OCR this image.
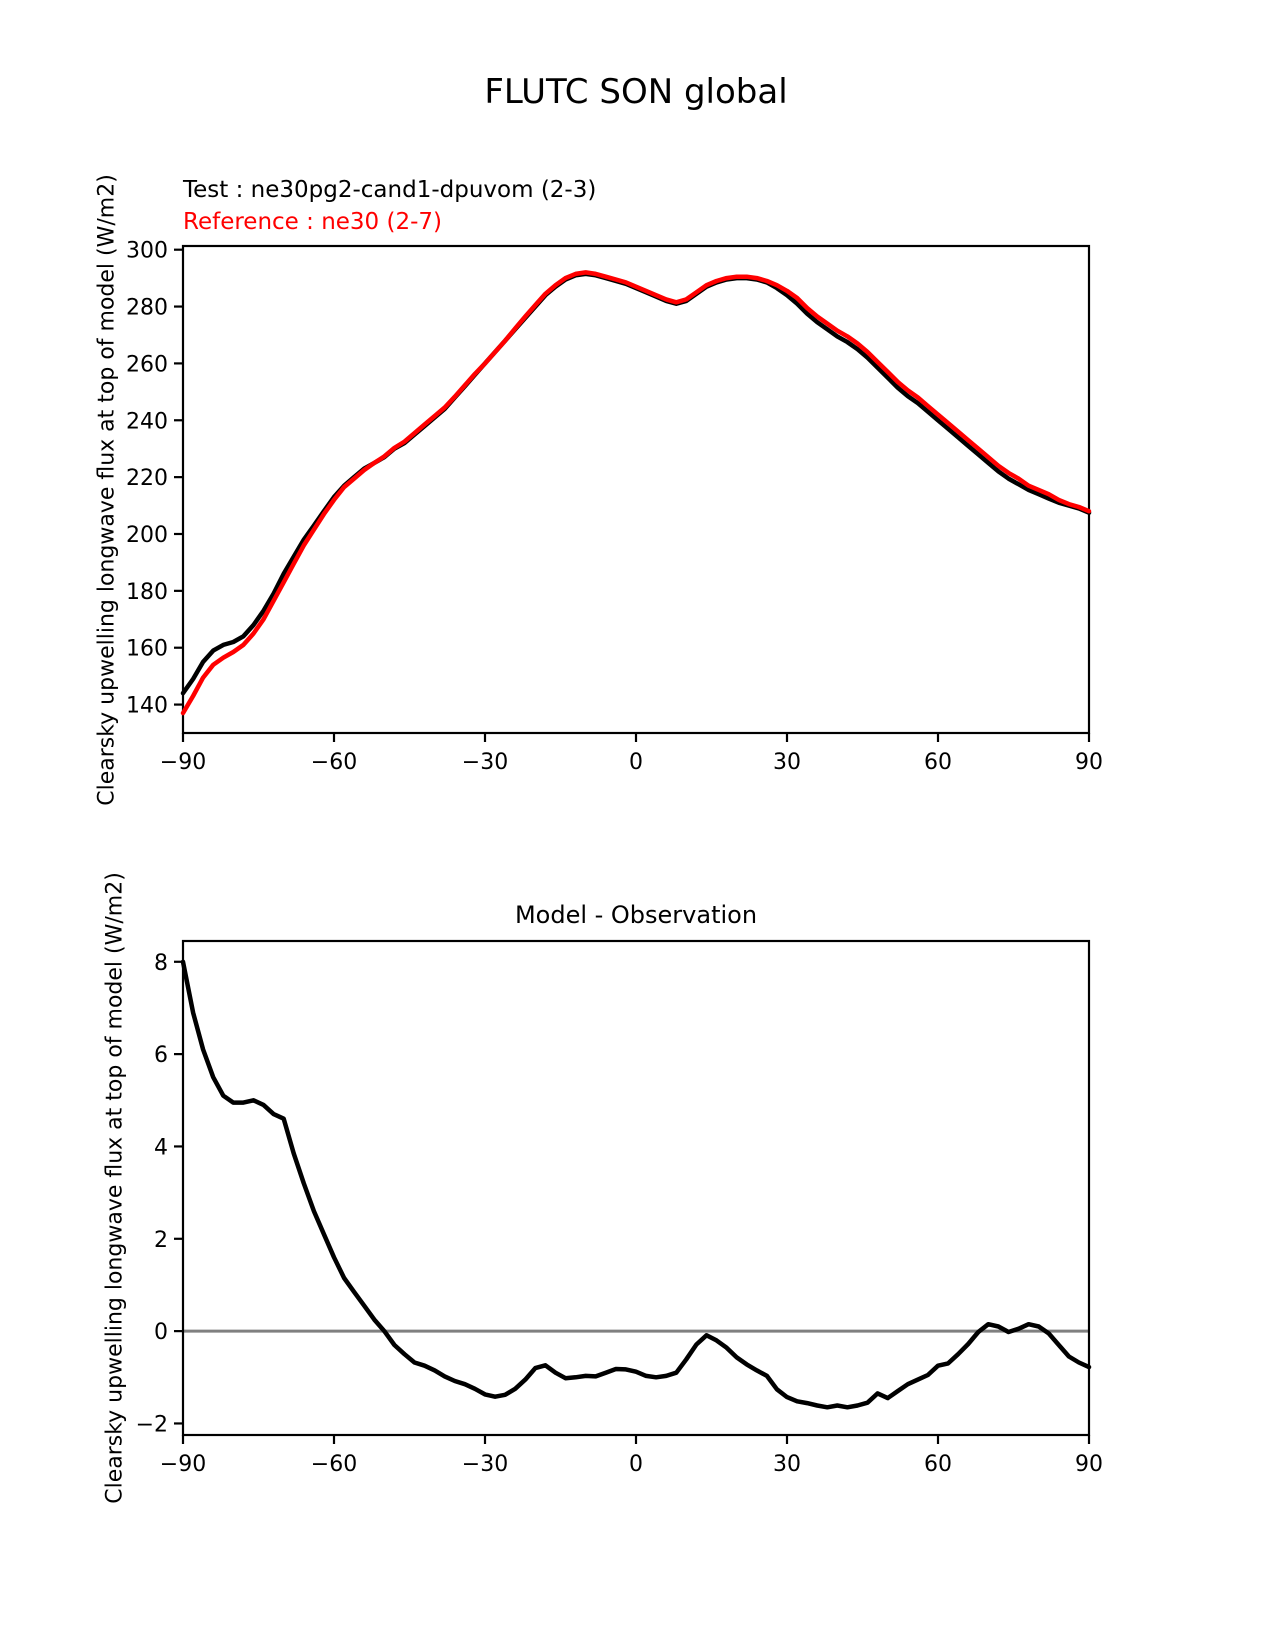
FLUTC SON global
Test : ne30pg2-cand1-dpuvom (2-3)
Reference : ne30 (2-7)
Clearsky upwelling longwave flux at top of model (W/m2)
Model - Observation
Clearsky upwelling longwave flux at top of model (W/m2)
−90	−60	−30	0	30	60	90
140
160
180
200
220
240
260
280
300
−90	−60	−30	0	30	60	90
−2
0
2
4
6
8
